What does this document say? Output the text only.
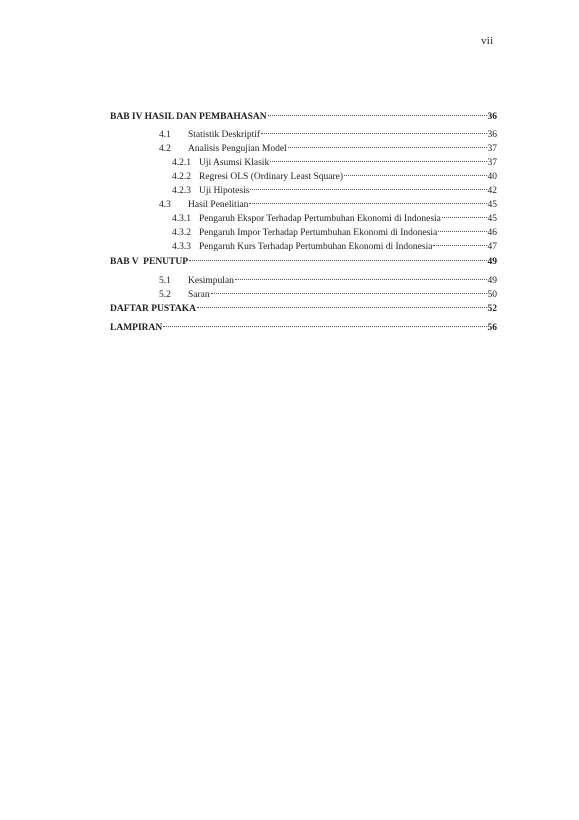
vii
BAB IV HASIL DAN PEMBAHASAN	36
4.1	Statistik Deskriptif	36
4.2	Analisis Pengujian Model	37
4.2.1 Uji Asumsi Klasik	37
4.2.2 Regresi OLS (Ordinary Least Square)	40
4.2.3 Uji Hipotesis	42
4.3	Hasil Penelitian	45
4.3.1 Pengaruh Ekspor Terhadap Pertumbuhan Ekonomi di Indonesia	45
4.3.2 Pengaruh Impor Terhadap Pertumbuhan Ekonomi di Indonesia	46
4.3.3 Pengaruh Kurs Terhadap Pertumbuhan Ekonomi di Indonesia	47
BAB V  PENUTUP	49
5.1	Kesimpulan	49
5.2	Saran	50
DAFTAR PUSTAKA	52
LAMPIRAN	56
